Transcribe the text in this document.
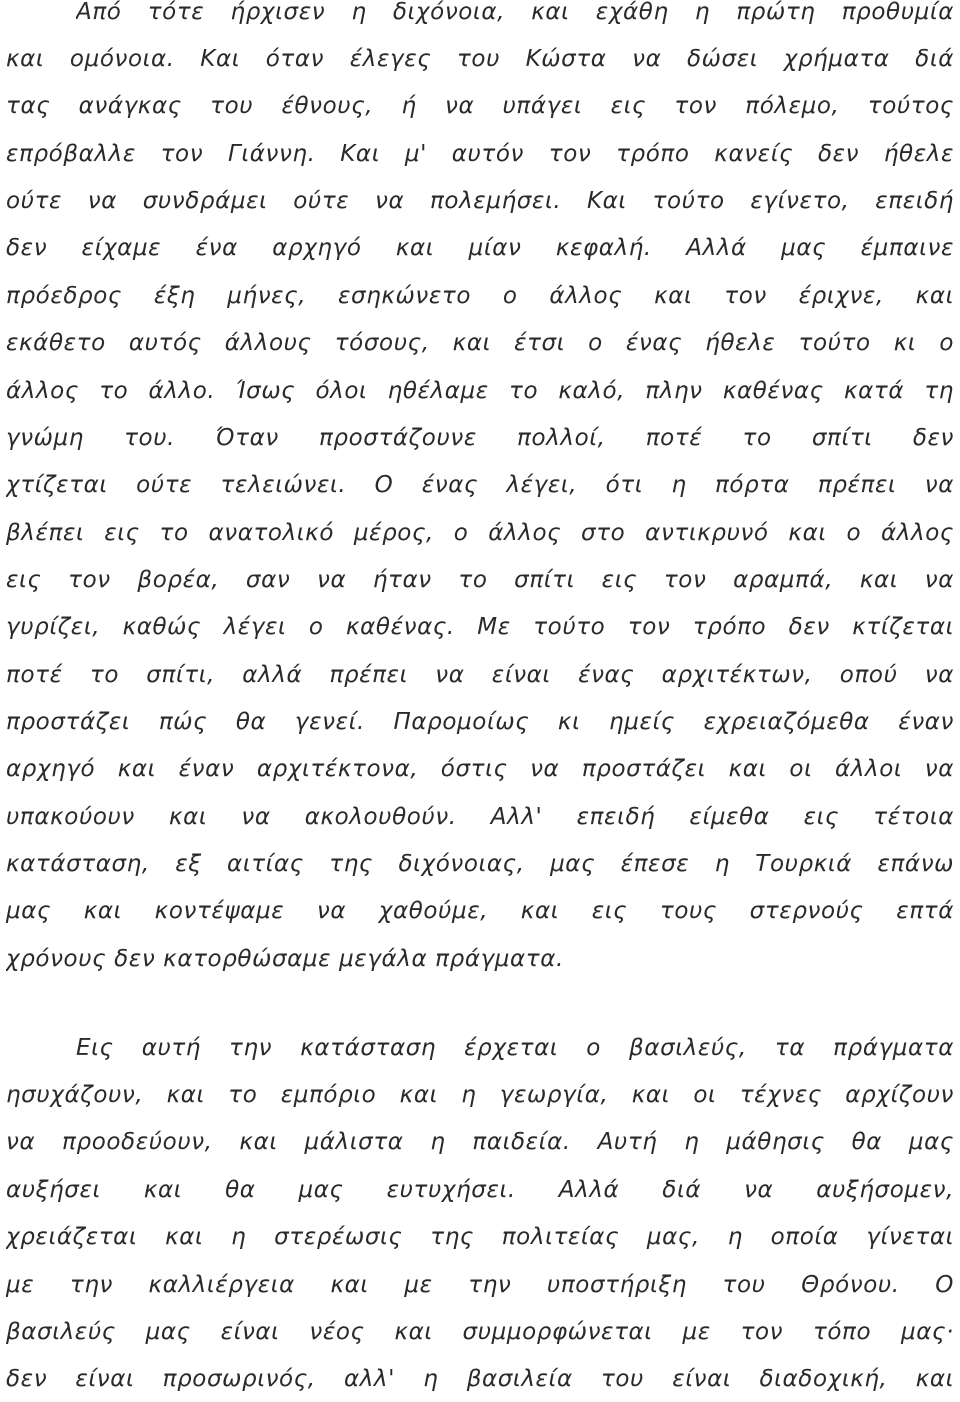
Από τότε ήρχισεν η διχόνοια, και εχάθη η πρώτη προθυμία
και ομόνοια. Και όταν έλεγες του Κώστα να δώσει χρήματα διά
τας ανάγκας του έθνους, ή να υπάγει εις τον πόλεμο, τούτος
επρόβαλλε τον Γιάννη. Και μ' αυτόν τον τρόπο κανείς δεν ήθελε
ούτε να συνδράμει ούτε να πολεμήσει. Και τούτο εγίνετο, επειδή
δεν είχαμε ένα αρχηγό και μίαν κεφαλή. Αλλά μας έμπαινε
πρόεδρος έξη μήνες, εσηκώνετο ο άλλος και τον έριχνε, και
εκάθετο αυτός άλλους τόσους, και έτσι ο ένας ήθελε τούτο κι ο
άλλος το άλλο. Ίσως όλοι ηθέλαμε το καλό, πλην καθένας κατά τη
γνώμη του. Όταν προστάζουνε πολλοί, ποτέ το σπίτι δεν
χτίζεται ούτε τελειώνει. Ο ένας λέγει, ότι η πόρτα πρέπει να
βλέπει εις το ανατολικό μέρος, ο άλλος στο αντικρυνό και ο άλλος
εις τον βορέα, σαν να ήταν το σπίτι εις τον αραμπά, και να
γυρίζει, καθώς λέγει ο καθένας. Με τούτο τον τρόπο δεν κτίζεται
ποτέ το σπίτι, αλλά πρέπει να είναι ένας αρχιτέκτων, οπού να
προστάζει πώς θα γενεί. Παρομοίως κι ημείς εχρειαζόμεθα έναν
αρχηγό και έναν αρχιτέκτονα, όστις να προστάζει και οι άλλοι να
υπακούουν και να ακολουθούν. Αλλ' επειδή είμεθα εις τέτοια
κατάσταση, εξ αιτίας της διχόνοιας, μας έπεσε η Τουρκιά επάνω
μας και κοντέψαμε να χαθούμε, και εις τους στερνούς επτά
χρόνους δεν κατορθώσαμε μεγάλα πράγματα.
Εις αυτή την κατάσταση έρχεται ο βασιλεύς, τα πράγματα
ησυχάζουν, και το εμπόριο και η γεωργία, και οι τέχνες αρχίζουν
να προοδεύουν, και μάλιστα η παιδεία. Αυτή η μάθησις θα μας
αυξήσει και θα μας ευτυχήσει. Αλλά διά να αυξήσομεν,
χρειάζεται και η στερέωσις της πολιτείας μας, η οποία γίνεται
με την καλλιέργεια και με την υποστήριξη του Θρόνου. Ο
βασιλεύς μας είναι νέος και συμμορφώνεται με τον τόπο μας·
δεν είναι προσωρινός, αλλ' η βασιλεία του είναι διαδοχική, και
